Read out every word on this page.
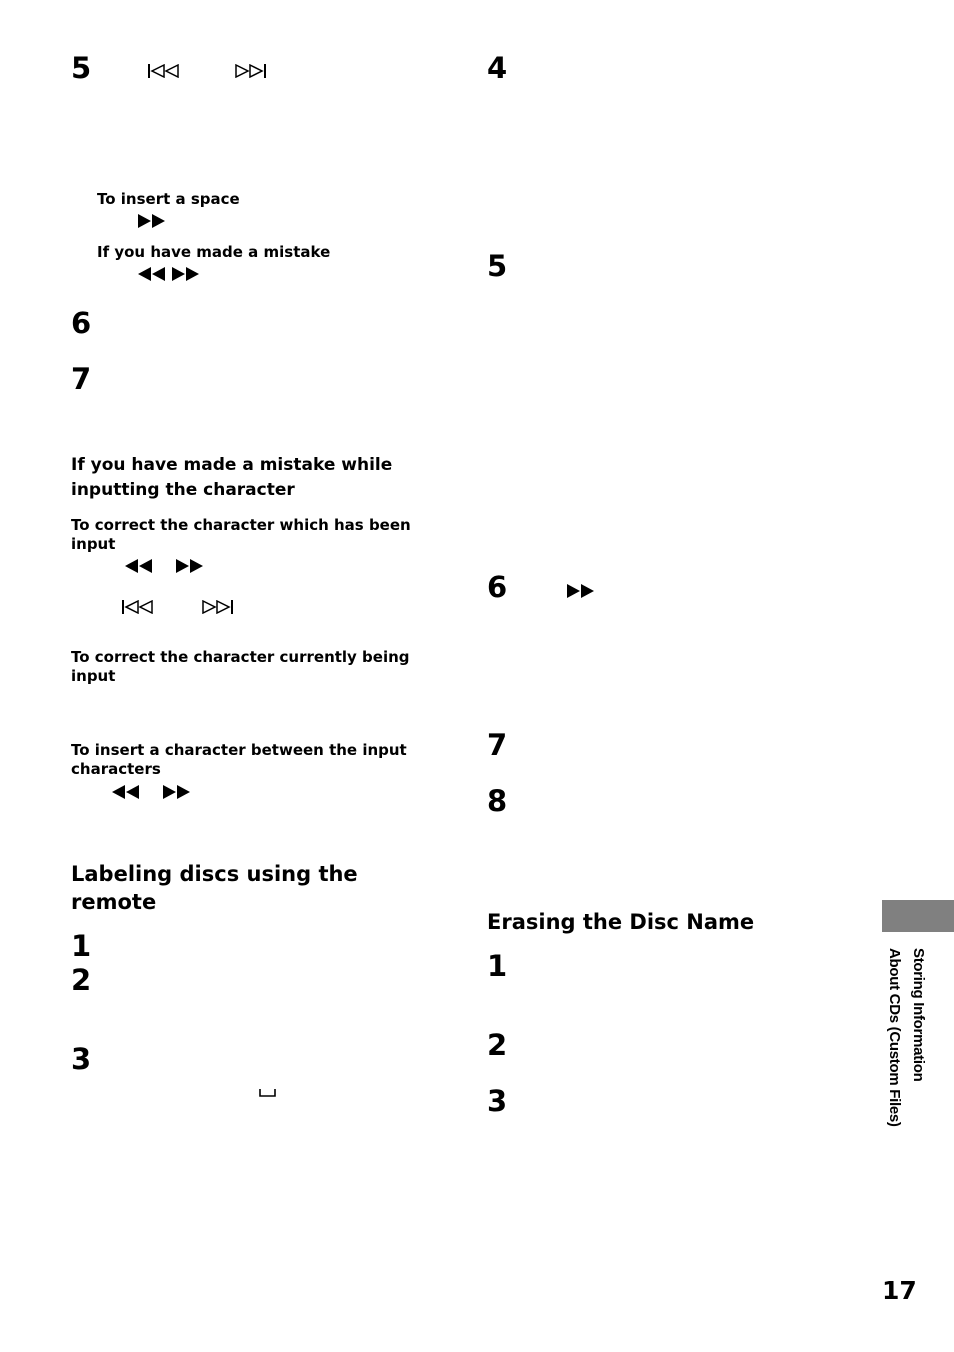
5
To insert a space
If you have made a mistake
6
7
If you have made a mistake while
inputting the character
To correct the character which has been
input
To correct the character currently being
input
To insert a character between the input
characters
Labeling discs using the
remote
1
2
3
4
5
6
7
8
Erasing the Disc Name
1
2
3
Storing Information
About CDs (Custom Files)
17
